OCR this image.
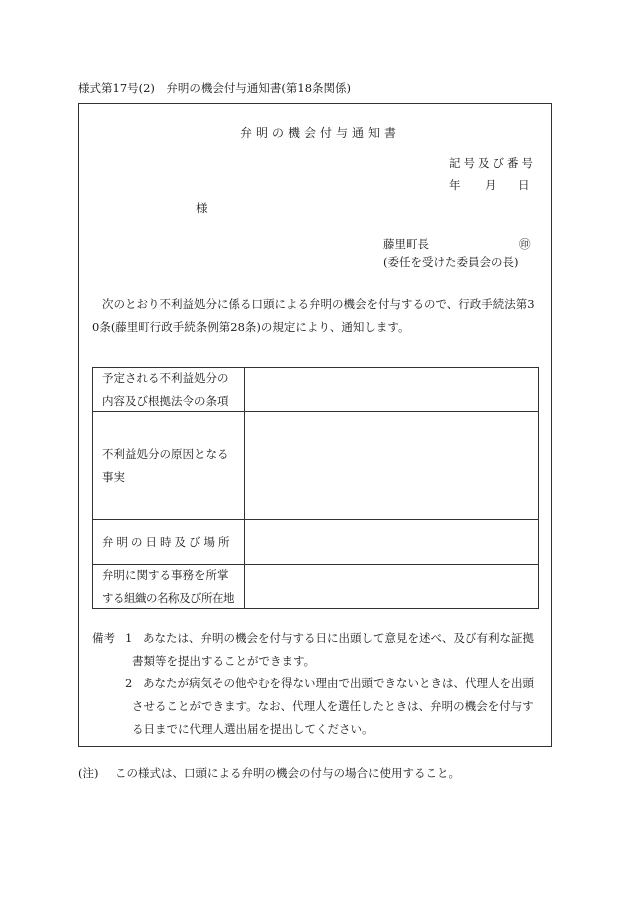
様式第17号(2)　弁明の機会付与通知書(第18条関係)
弁明の機会付与通知書
記号及び番号
年 月 日
様
藤里町長	㊞
(委任を受けた委員会の長)
次のとおり不利益処分に係る口頭による弁明の機会を付与するので、行政手続法第3
0条(藤里町行政手続条例第28条)の規定により、通知します。
予定される不利益処分の
内容及び根拠法令の条項
不利益処分の原因となる
事実
弁明の日時及び場所
弁明に関する事務を所掌
する組織の名称及び所在地
備考 1 あなたは、弁明の機会を付与する日に出頭して意見を述べ、及び有利な証拠
書類等を提出することができます。
2 あなたが病気その他やむを得ない理由で出頭できないときは、代理人を出頭
させることができます。なお、代理人を選任したときは、弁明の機会を付与す
る日までに代理人選出届を提出してください。
(注) この様式は、口頭による弁明の機会の付与の場合に使用すること。
